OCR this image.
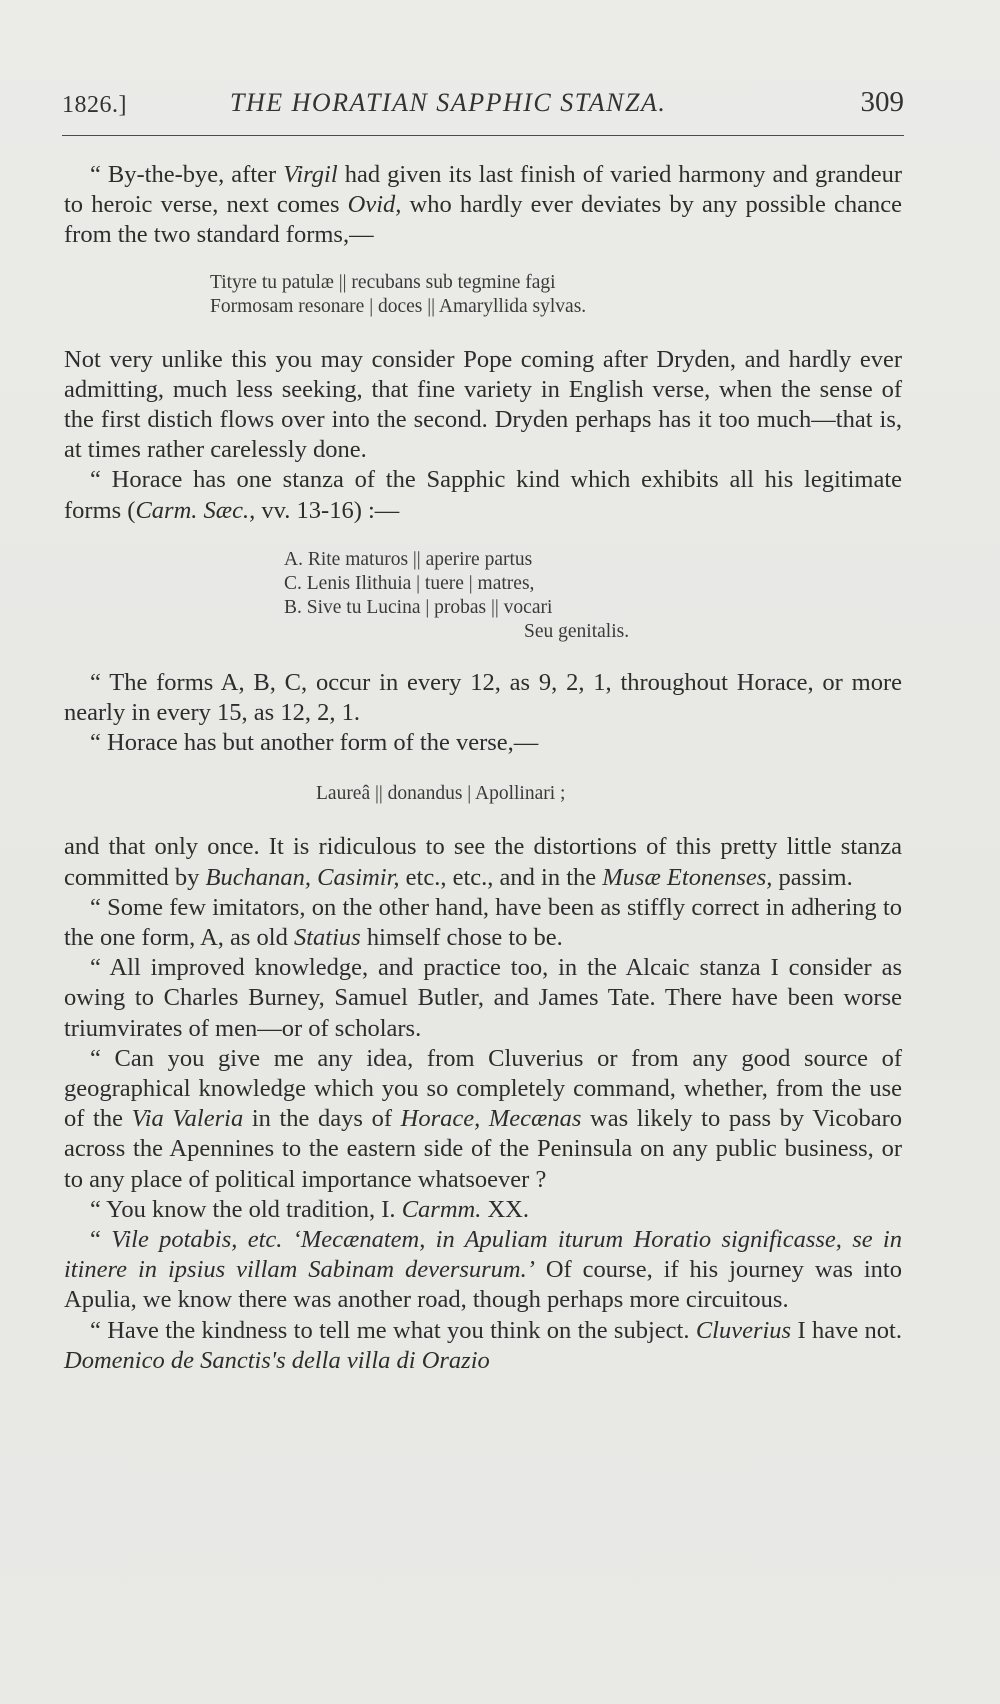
1826.]	THE HORATIAN SAPPHIC STANZA.	309

“ By-the-bye, after Virgil had given its last finish of varied harmony and grandeur to heroic verse, next comes Ovid, who hardly ever deviates by any possible chance from the two standard forms,—

Tityre tu patulæ || recubans sub tegmine fagi
Formosam resonare | doces || Amaryllida sylvas.

Not very unlike this you may consider Pope coming after Dryden, and hardly ever admitting, much less seeking, that fine variety in English verse, when the sense of the first distich flows over into the second. Dryden perhaps has it too much—that is, at times rather carelessly done.

“ Horace has one stanza of the Sapphic kind which exhibits all his legitimate forms (Carm. Sæc., vv. 13-16) :—

A. Rite maturos || aperire partus
C. Lenis Ilithuia | tuere | matres,
B. Sive tu Lucina | probas || vocari
Seu genitalis.

“ The forms A, B, C, occur in every 12, as 9, 2, 1, throughout Horace, or more nearly in every 15, as 12, 2, 1.

“ Horace has but another form of the verse,—

Laureâ || donandus | Apollinari ;

and that only once. It is ridiculous to see the distortions of this pretty little stanza committed by Buchanan, Casimir, etc., etc., and in the Musæ Etonenses, passim.

“ Some few imitators, on the other hand, have been as stiffly correct in adhering to the one form, A, as old Statius himself chose to be.

“ All improved knowledge, and practice too, in the Alcaic stanza I consider as owing to Charles Burney, Samuel Butler, and James Tate. There have been worse triumvirates of men—or of scholars.

“ Can you give me any idea, from Cluverius or from any good source of geographical knowledge which you so completely command, whether, from the use of the Via Valeria in the days of Horace, Mecænas was likely to pass by Vicobaro across the Apennines to the eastern side of the Peninsula on any public business, or to any place of political importance whatsoever ?

“ You know the old tradition, I. Carmm. XX.

“ Vile potabis, etc. ‘Mecænatem, in Apuliam iturum Horatio significasse, se in itinere in ipsius villam Sabinam deversurum.’ Of course, if his journey was into Apulia, we know there was another road, though perhaps more circuitous.

“ Have the kindness to tell me what you think on the subject. Cluverius I have not. Domenico de Sanctis's della villa di Orazio
